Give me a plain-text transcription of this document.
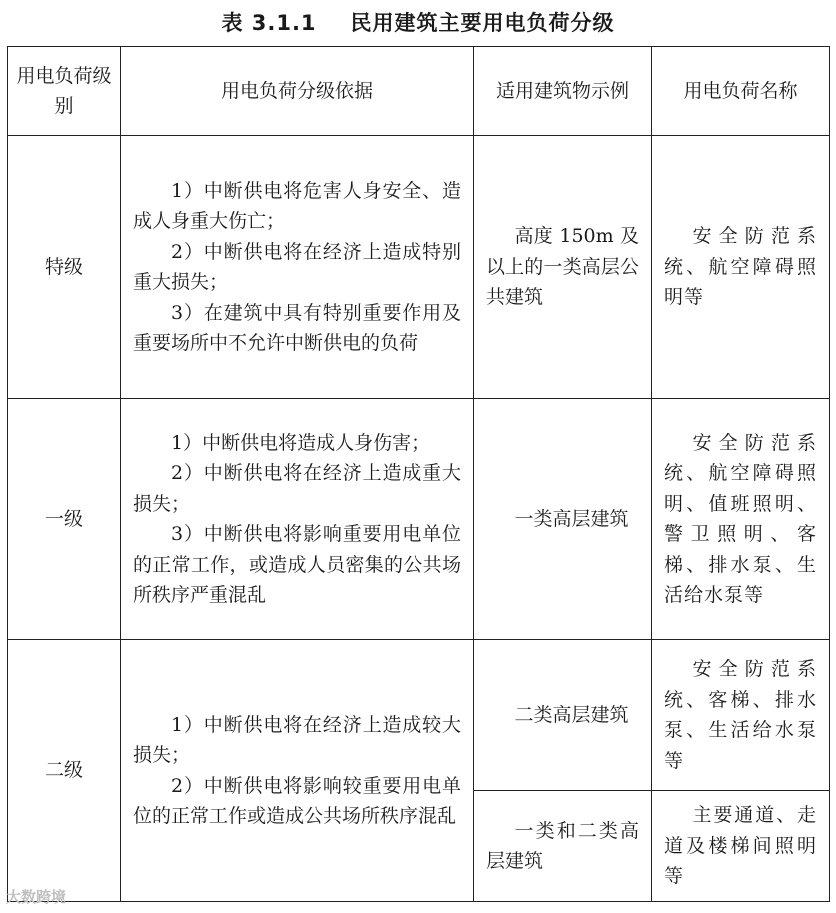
表 3.1.1 民用建筑主要用电负荷分级
用电负荷级别	用电负荷分级依据	适用建筑物示例	用电负荷名称
特级	1）中断供电将危害人身安全、造成人身重大伤亡；

2）中断供电将在经济上造成特别重大损失；

3）在建筑中具有特别重要作用及重要场所中不允许中断供电的负荷	高度 150m 及以上的一类高层公共建筑	安全防范系统、航空障碍照明等
一级	1）中断供电将造成人身伤害；

2）中断供电将在经济上造成重大损失；

3）中断供电将影响重要用电单位的正常工作，或造成人员密集的公共场所秩序严重混乱	一类高层建筑	安全防范系统、航空障碍照明、值班照明、警卫照明、客梯、排水泵、生活给水泵等
二级	1）中断供电将在经济上造成较大损失；

2）中断供电将影响较重要用电单位的正常工作或造成公共场所秩序混乱	二类高层建筑	安全防范系统、客梯、排水泵、生活给水泵等
		一类和二类高层建筑	主要通道、走道及楼梯间照明等
大数跨境
